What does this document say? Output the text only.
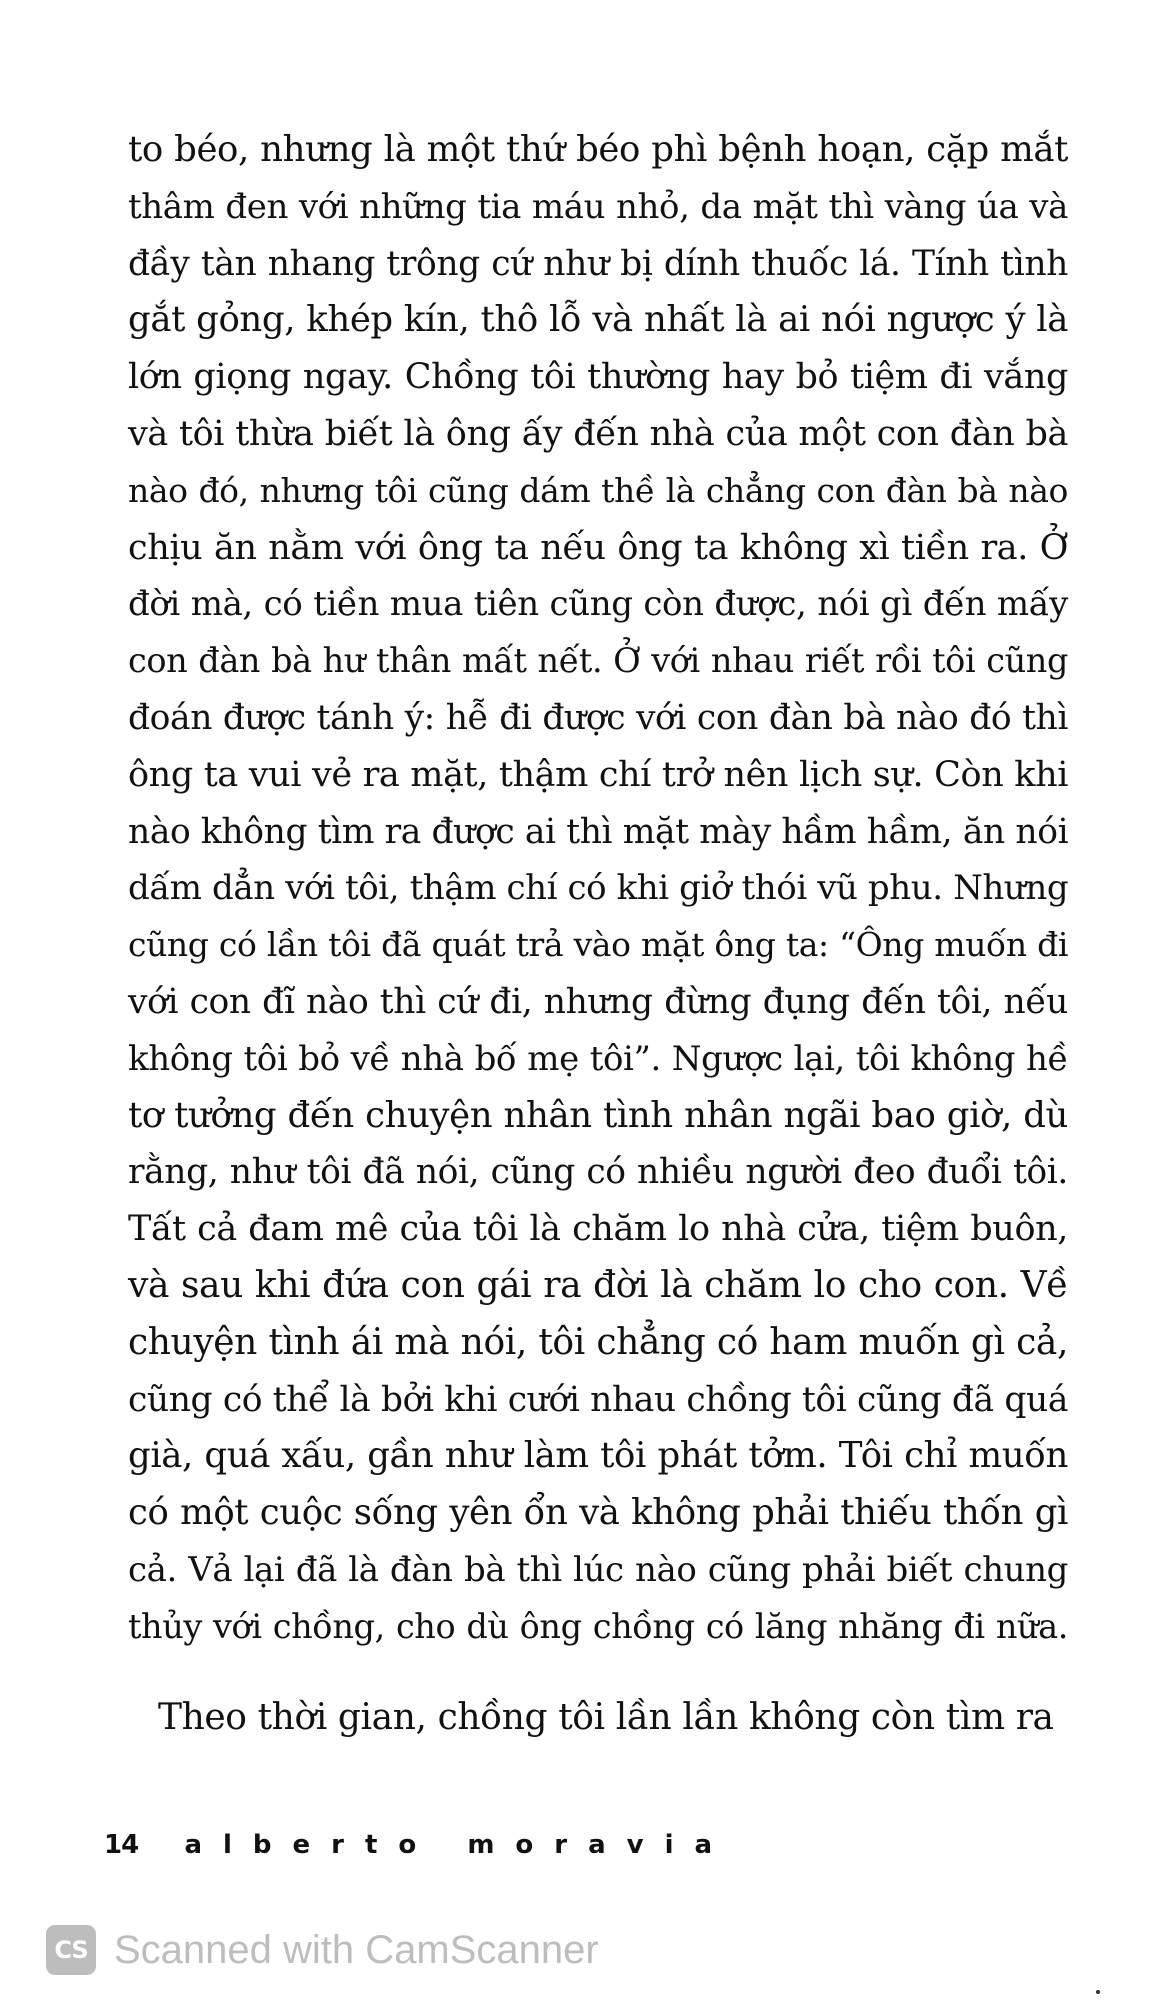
to béo, nhưng là một thứ béo phì bệnh hoạn, cặp mắt
thâm đen với những tia máu nhỏ, da mặt thì vàng úa và
đầy tàn nhang trông cứ như bị dính thuốc lá. Tính tình
gắt gỏng, khép kín, thô lỗ và nhất là ai nói ngược ý là
lớn giọng ngay. Chồng tôi thường hay bỏ tiệm đi vắng
và tôi thừa biết là ông ấy đến nhà của một con đàn bà
nào đó, nhưng tôi cũng dám thề là chẳng con đàn bà nào
chịu ăn nằm với ông ta nếu ông ta không xì tiền ra. Ở
đời mà, có tiền mua tiên cũng còn được, nói gì đến mấy
con đàn bà hư thân mất nết. Ở với nhau riết rồi tôi cũng
đoán được tánh ý: hễ đi được với con đàn bà nào đó thì
ông ta vui vẻ ra mặt, thậm chí trở nên lịch sự. Còn khi
nào không tìm ra được ai thì mặt mày hầm hầm, ăn nói
dấm dẳn với tôi, thậm chí có khi giở thói vũ phu. Nhưng
cũng có lần tôi đã quát trả vào mặt ông ta: “Ông muốn đi
với con đĩ nào thì cứ đi, nhưng đừng đụng đến tôi, nếu
không tôi bỏ về nhà bố mẹ tôi”. Ngược lại, tôi không hề
tơ tưởng đến chuyện nhân tình nhân ngãi bao giờ, dù
rằng, như tôi đã nói, cũng có nhiều người đeo đuổi tôi.
Tất cả đam mê của tôi là chăm lo nhà cửa, tiệm buôn,
và sau khi đứa con gái ra đời là chăm lo cho con. Về
chuyện tình ái mà nói, tôi chẳng có ham muốn gì cả,
cũng có thể là bởi khi cưới nhau chồng tôi cũng đã quá
già, quá xấu, gần như làm tôi phát tởm. Tôi chỉ muốn
có một cuộc sống yên ổn và không phải thiếu thốn gì
cả. Vả lại đã là đàn bà thì lúc nào cũng phải biết chung
thủy với chồng, cho dù ông chồng có lăng nhăng đi nữa.
Theo thời gian, chồng tôi lần lần không còn tìm ra
14 alberto moravia
CS Scanned with CamScanner
